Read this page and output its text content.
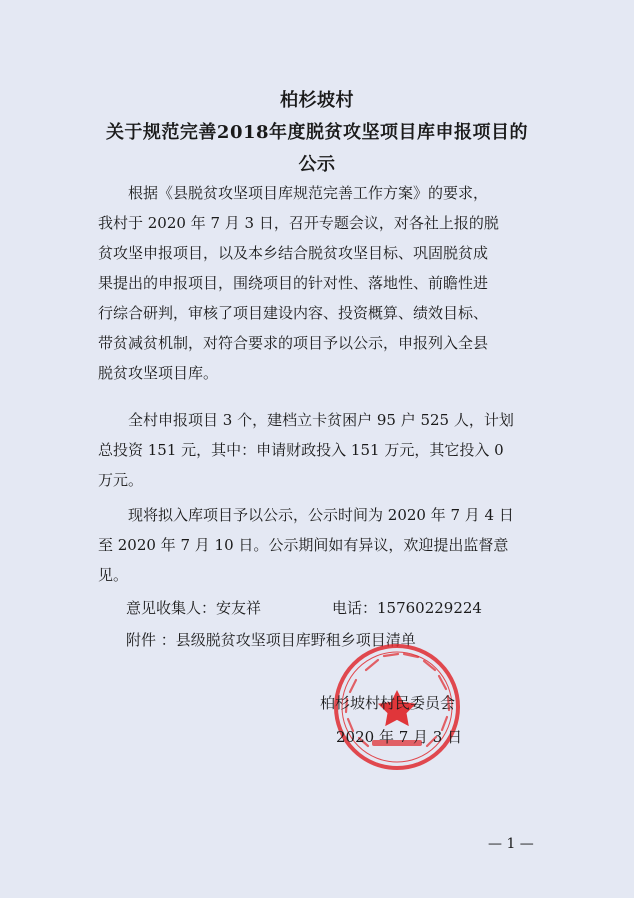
柏杉坡村
关于规范完善2018年度脱贫攻坚项目库申报项目的
公示
　　根据《县脱贫攻坚项目库规范完善工作方案》的要求，
我村于 2020 年 7 月 3 日，召开专题会议，对各社上报的脱
贫攻坚申报项目，以及本乡结合脱贫攻坚目标、巩固脱贫成
果提出的申报项目，围绕项目的针对性、落地性、前瞻性进
行综合研判，审核了项目建设内容、投资概算、绩效目标、
带贫减贫机制，对符合要求的项目予以公示，申报列入全县
脱贫攻坚项目库。
　　全村申报项目 3 个，建档立卡贫困户 95 户 525 人，计划
总投资 151 元，其中：申请财政投入 151 万元，其它投入 0
万元。
　　现将拟入库项目予以公示，公示时间为 2020 年 7 月 4 日
至 2020 年 7 月 10 日。公示期间如有异议，欢迎提出监督意
见。
意见收集人：安友祥	电话：15760229224
附件 ：县级脱贫攻坚项目库野租乡项目清单
柏杉坡村村民委员会
2020 年 7 月 3 日
— 1 —
